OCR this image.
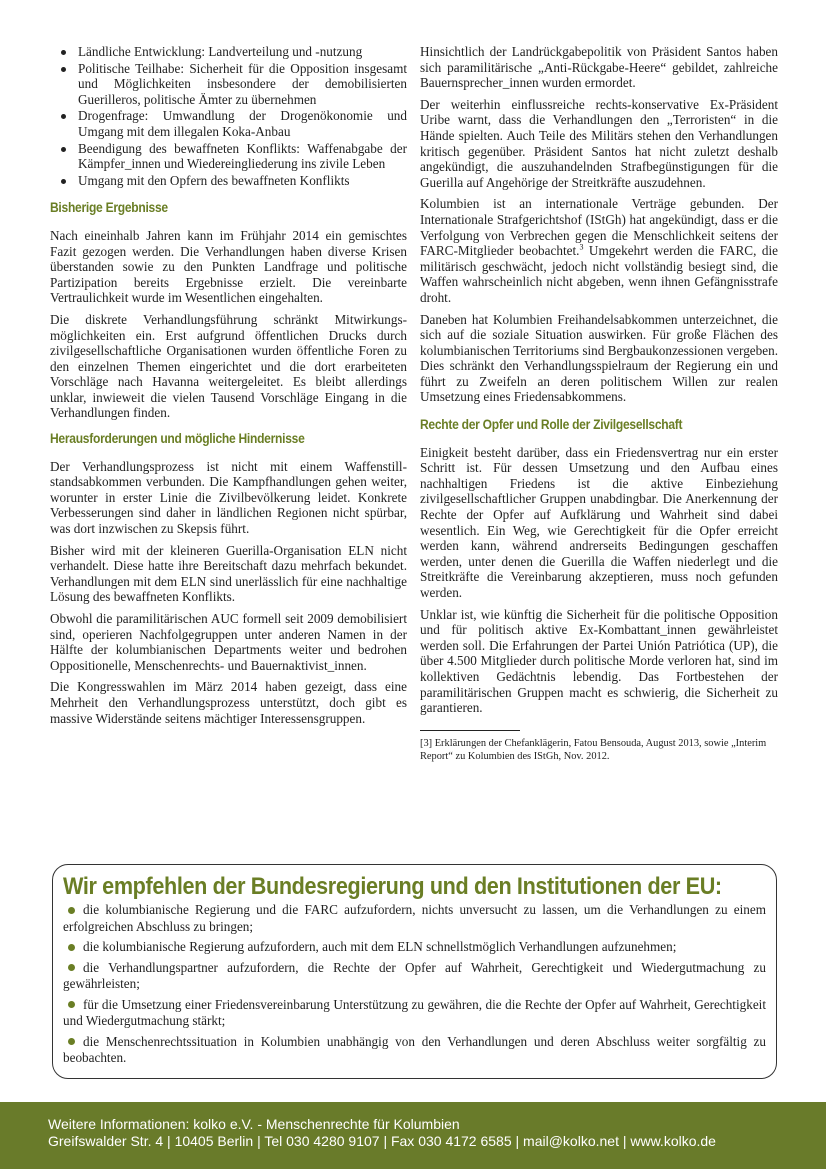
Ländliche Entwicklung: Landverteilung und -nutzung
Politische Teilhabe: Sicherheit für die Opposition insgesamt und Möglichkeiten insbesondere der demobilisierten Guerilleros, politische Ämter zu übernehmen
Drogenfrage: Umwandlung der Drogenökonomie und Umgang mit dem illegalen Koka-Anbau
Beendigung des bewaffneten Konflikts: Waffenabgabe der Kämpfer_innen und Wiedereingliederung ins zivile Leben
Umgang mit den Opfern des bewaffneten Konflikts
Bisherige Ergebnisse

Nach eineinhalb Jahren kann im Frühjahr 2014 ein gemischtes Fazit gezogen werden. Die Verhandlungen haben diverse Krisen überstanden sowie zu den Punkten Landfrage und politische Partizipation bereits Ergebnisse erzielt. Die vereinbarte Vertraulichkeit wurde im Wesentlichen eingehalten.

Die diskrete Verhandlungsführung schränkt Mitwirkungsmöglichkeiten ein. Erst aufgrund öffentlichen Drucks durch zivilgesellschaftliche Organisationen wurden öffentliche Foren zu den einzelnen Themen eingerichtet und die dort erarbeiteten Vorschläge nach Havanna weitergeleitet. Es bleibt allerdings unklar, inwieweit die vielen Tausend Vorschläge Eingang in die Verhandlungen finden.

Herausforderungen und mögliche Hindernisse

Der Verhandlungsprozess ist nicht mit einem Waffenstillstandsabkommen verbunden. Die Kampfhandlungen gehen weiter, worunter in erster Linie die Zivilbevölkerung leidet. Konkrete Verbesserungen sind daher in ländlichen Regionen nicht spürbar, was dort inzwischen zu Skepsis führt.

Bisher wird mit der kleineren Guerilla-Organisation ELN nicht verhandelt. Diese hatte ihre Bereitschaft dazu mehrfach bekundet. Verhandlungen mit dem ELN sind unerlässlich für eine nachhaltige Lösung des bewaffneten Konflikts.

Obwohl die paramilitärischen AUC formell seit 2009 demobilisiert sind, operieren Nachfolgegruppen unter anderen Namen in der Hälfte der kolumbianischen Departments weiter und bedrohen Oppositionelle, Menschenrechts- und Bauernaktivist_innen.

Die Kongresswahlen im März 2014 haben gezeigt, dass eine Mehrheit den Verhandlungsprozess unterstützt, doch gibt es massive Widerstände seitens mächtiger Interessensgruppen.

Hinsichtlich der Landrückgabepolitik von Präsident Santos haben sich paramilitärische „Anti-Rückgabe-Heere“ gebildet, zahlreiche Bauernsprecher_innen wurden ermordet.

Der weiterhin einflussreiche rechts-konservative Ex-Präsident Uribe warnt, dass die Verhandlungen den „Terroristen“ in die Hände spielten. Auch Teile des Militärs stehen den Verhandlungen kritisch gegenüber. Präsident Santos hat nicht zuletzt deshalb angekündigt, die auszuhandelnden Strafbegünstigungen für die Guerilla auf Angehörige der Streitkräfte auszudehnen.

Kolumbien ist an internationale Verträge gebunden. Der Internationale Strafgerichtshof (IStGh) hat angekündigt, dass er die Verfolgung von Verbrechen gegen die Menschlichkeit seitens der FARC-Mitglieder beobachtet.$^3$ Umgekehrt werden die FARC, die militärisch geschwächt, jedoch nicht vollständig besiegt sind, die Waffen wahrscheinlich nicht abgeben, wenn ihnen Gefängnisstrafe droht.

Daneben hat Kolumbien Freihandelsabkommen unterzeichnet, die sich auf die soziale Situation auswirken. Für große Flächen des kolumbianischen Territoriums sind Bergbaukonzessionen vergeben. Dies schränkt den Verhandlungsspielraum der Regierung ein und führt zu Zweifeln an deren politischem Willen zur realen Umsetzung eines Friedensabkommens.

Rechte der Opfer und Rolle der Zivilgesellschaft

Einigkeit besteht darüber, dass ein Friedensvertrag nur ein erster Schritt ist. Für dessen Umsetzung und den Aufbau eines nachhaltigen Friedens ist die aktive Einbeziehung zivilgesellschaftlicher Gruppen unabdingbar. Die Anerkennung der Rechte der Opfer auf Aufklärung und Wahrheit sind dabei wesentlich. Ein Weg, wie Gerechtigkeit für die Opfer erreicht werden kann, während andrerseits Bedingungen geschaffen werden, unter denen die Guerilla die Waffen niederlegt und die Streitkräfte die Vereinbarung akzeptieren, muss noch gefunden werden.

Unklar ist, wie künftig die Sicherheit für die politische Opposition und für politisch aktive Ex-Kombattant_innen gewährleistet werden soll. Die Erfahrungen der Partei Unión Patriótica (UP), die über 4.500 Mitglieder durch politische Morde verloren hat, sind im kollektiven Gedächtnis lebendig. Das Fortbestehen der paramilitärischen Gruppen macht es schwierig, die Sicherheit zu garantieren.

[3] Erklärungen der Chefanklägerin, Fatou Bensouda, August 2013, sowie „Interim Report“ zu Kolumbien des IStGh, Nov. 2012.

Wir empfehlen der Bundesregierung und den Institutionen der EU:
die kolumbianische Regierung und die FARC aufzufordern, nichts unversucht zu lassen, um die Verhandlungen zu einem erfolgreichen Abschluss zu bringen;
die kolumbianische Regierung aufzufordern, auch mit dem ELN schnellstmöglich Verhandlungen aufzunehmen;
die Verhandlungspartner aufzufordern, die Rechte der Opfer auf Wahrheit, Gerechtigkeit und Wiedergutmachung zu gewährleisten;
für die Umsetzung einer Friedensvereinbarung Unterstützung zu gewähren, die die Rechte der Opfer auf Wahrheit, Gerechtigkeit und Wiedergutmachung stärkt;
die Menschenrechtssituation in Kolumbien unabhängig von den Verhandlungen und deren Abschluss weiter sorgfältig zu beobachten.
Weitere Informationen: kolko e.V. - Menschenrechte für Kolumbien
Greifswalder Str. 4 | 10405 Berlin | Tel 030 4280 9107 | Fax 030 4172 6585 | mail@kolko.net | www.kolko.de
